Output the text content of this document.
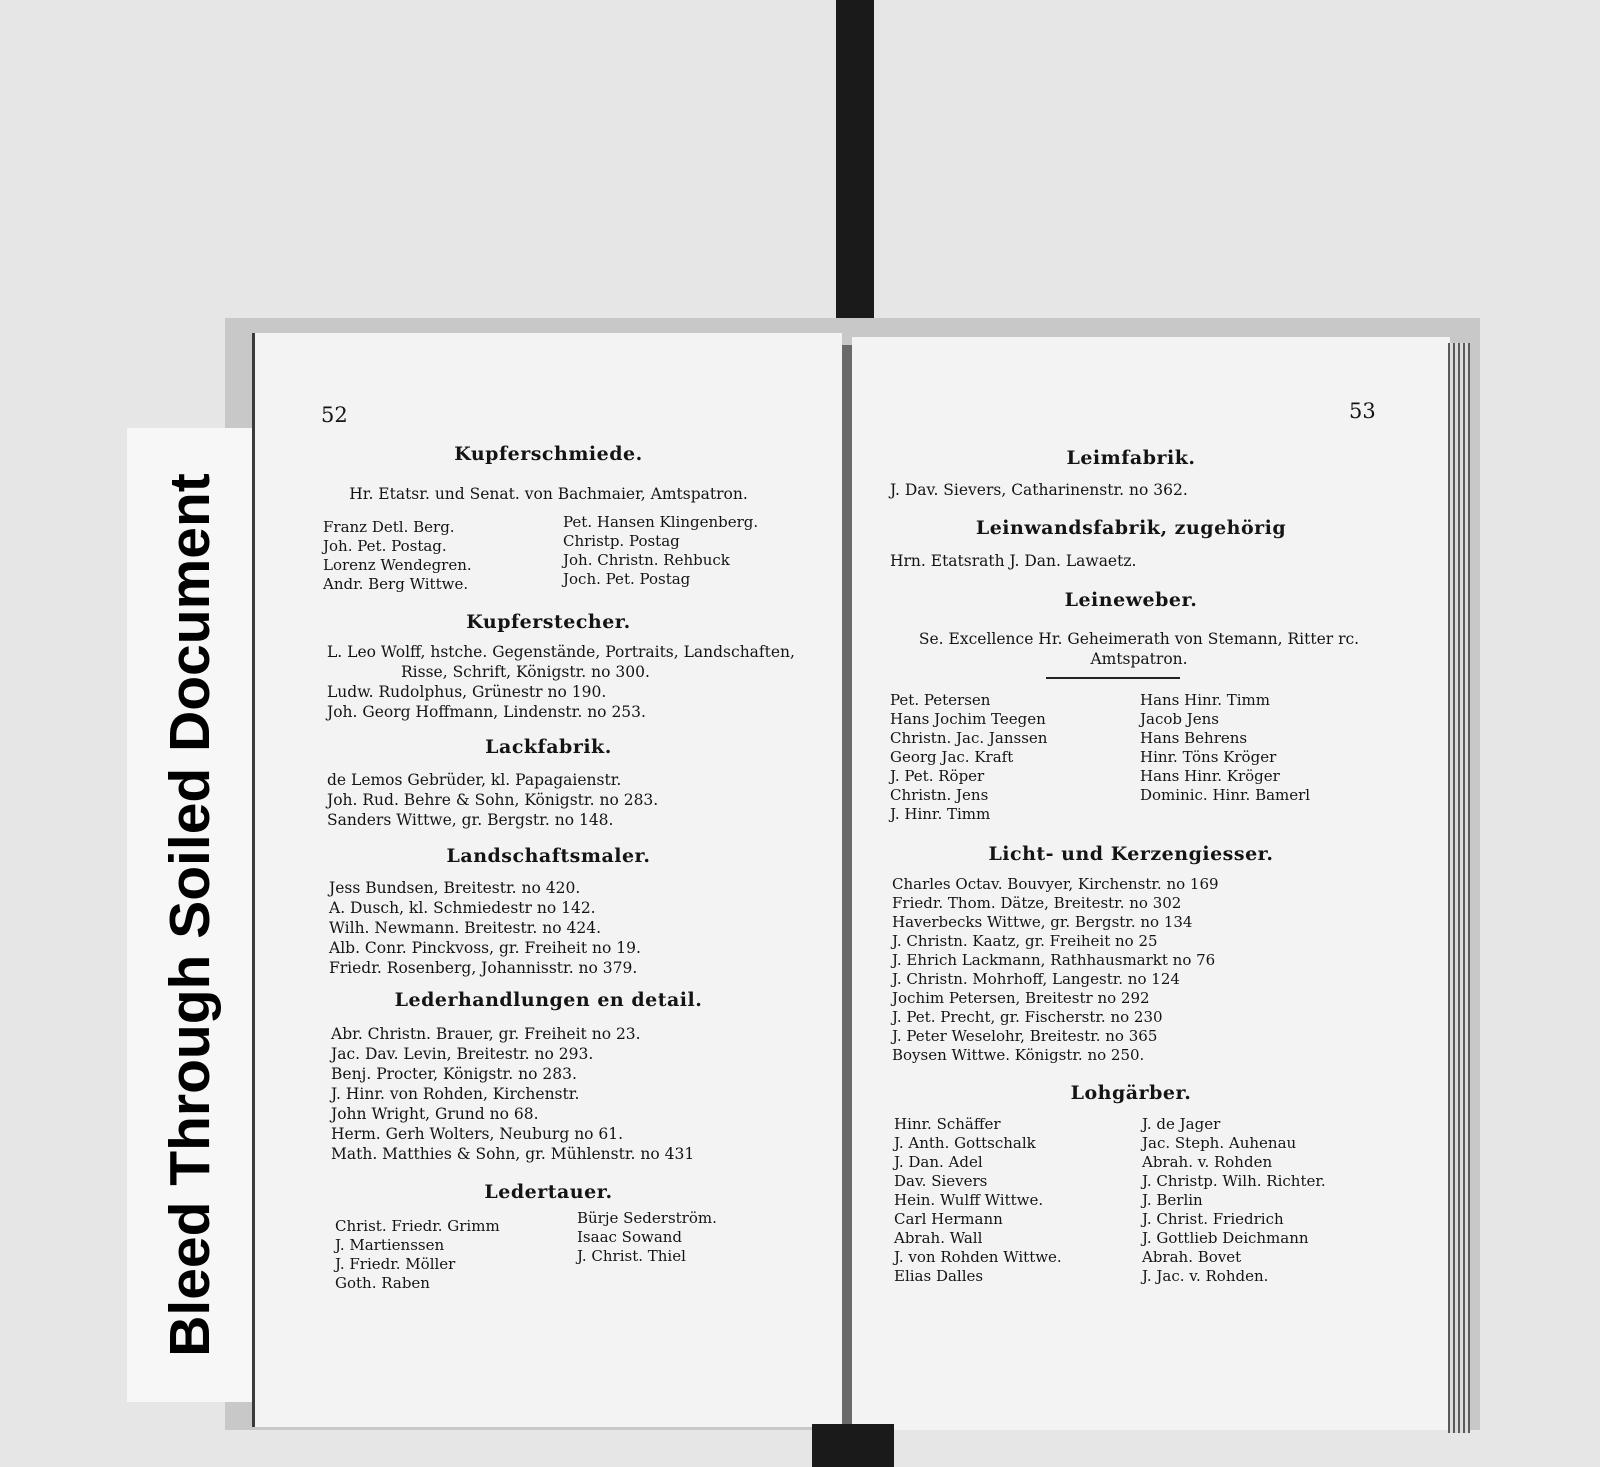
52
Kupferschmiede.
Hr. Etatsr. und Senat. von Bachmaier, Amtspatron.
Franz Detl. Berg.
Joh. Pet. Postag.
Lorenz Wendegren.
Andr. Berg Wittwe.
Pet. Hansen Klingenberg.
Christp. Postag
Joh. Christn. Rehbuck
Joch. Pet. Postag
Kupferstecher.
L. Leo Wolff, hstche. Gegenstände, Portraits, Landschaften,
Risse, Schrift, Königstr. no 300.
Ludw. Rudolphus, Grünestr no 190.
Joh. Georg Hoffmann, Lindenstr. no 253.
Lackfabrik.
de Lemos Gebrüder, kl. Papagaienstr.
Joh. Rud. Behre & Sohn, Königstr. no 283.
Sanders Wittwe, gr. Bergstr. no 148.
Landschaftsmaler.
Jess Bundsen, Breitestr. no 420.
A. Dusch, kl. Schmiedestr no 142.
Wilh. Newmann. Breitestr. no 424.
Alb. Conr. Pinckvoss, gr. Freiheit no 19.
Friedr. Rosenberg, Johannisstr. no 379.
Lederhandlungen en detail.
Abr. Christn. Brauer, gr. Freiheit no 23.
Jac. Dav. Levin, Breitestr. no 293.
Benj. Procter, Königstr. no 283.
J. Hinr. von Rohden, Kirchenstr.
John Wright, Grund no 68.
Herm. Gerh Wolters, Neuburg no 61.
Math. Matthies & Sohn, gr. Mühlenstr. no 431
Ledertauer.
Christ. Friedr. Grimm
J. Martienssen
J. Friedr. Möller
Goth. Raben
Bürje Sederström.
Isaac Sowand
J. Christ. Thiel
53
Leimfabrik.
J. Dav. Sievers, Catharinenstr. no 362.
Leinwandsfabrik, zugehörig
Hrn. Etatsrath J. Dan. Lawaetz.
Leineweber.
Se. Excellence Hr. Geheimerath von Stemann, Ritter rc.
Amtspatron.
Pet. Petersen
Hans Jochim Teegen
Christn. Jac. Janssen
Georg Jac. Kraft
J. Pet. Röper
Christn. Jens
J. Hinr. Timm
Hans Hinr. Timm
Jacob Jens
Hans Behrens
Hinr. Töns Kröger
Hans Hinr. Kröger
Dominic. Hinr. Bamerl
Licht- und Kerzengiesser.
Charles Octav. Bouvyer, Kirchenstr. no 169
Friedr. Thom. Dätze, Breitestr. no 302
Haverbecks Wittwe, gr. Bergstr. no 134
J. Christn. Kaatz, gr. Freiheit no 25
J. Ehrich Lackmann, Rathhausmarkt no 76
J. Christn. Mohrhoff, Langestr. no 124
Jochim Petersen, Breitestr no 292
J. Pet. Precht, gr. Fischerstr. no 230
J. Peter Weselohr, Breitestr. no 365
Boysen Wittwe. Königstr. no 250.
Lohgärber.
Hinr. Schäffer
J. Anth. Gottschalk
J. Dan. Adel
Dav. Sievers
Hein. Wulff Wittwe.
Carl Hermann
Abrah. Wall
J. von Rohden Wittwe.
Elias Dalles
J. de Jager
Jac. Steph. Auhenau
Abrah. v. Rohden
J. Christp. Wilh. Richter.
J. Berlin
J. Christ. Friedrich
J. Gottlieb Deichmann
Abrah. Bovet
J. Jac. v. Rohden.
Bleed Through Soiled Document
